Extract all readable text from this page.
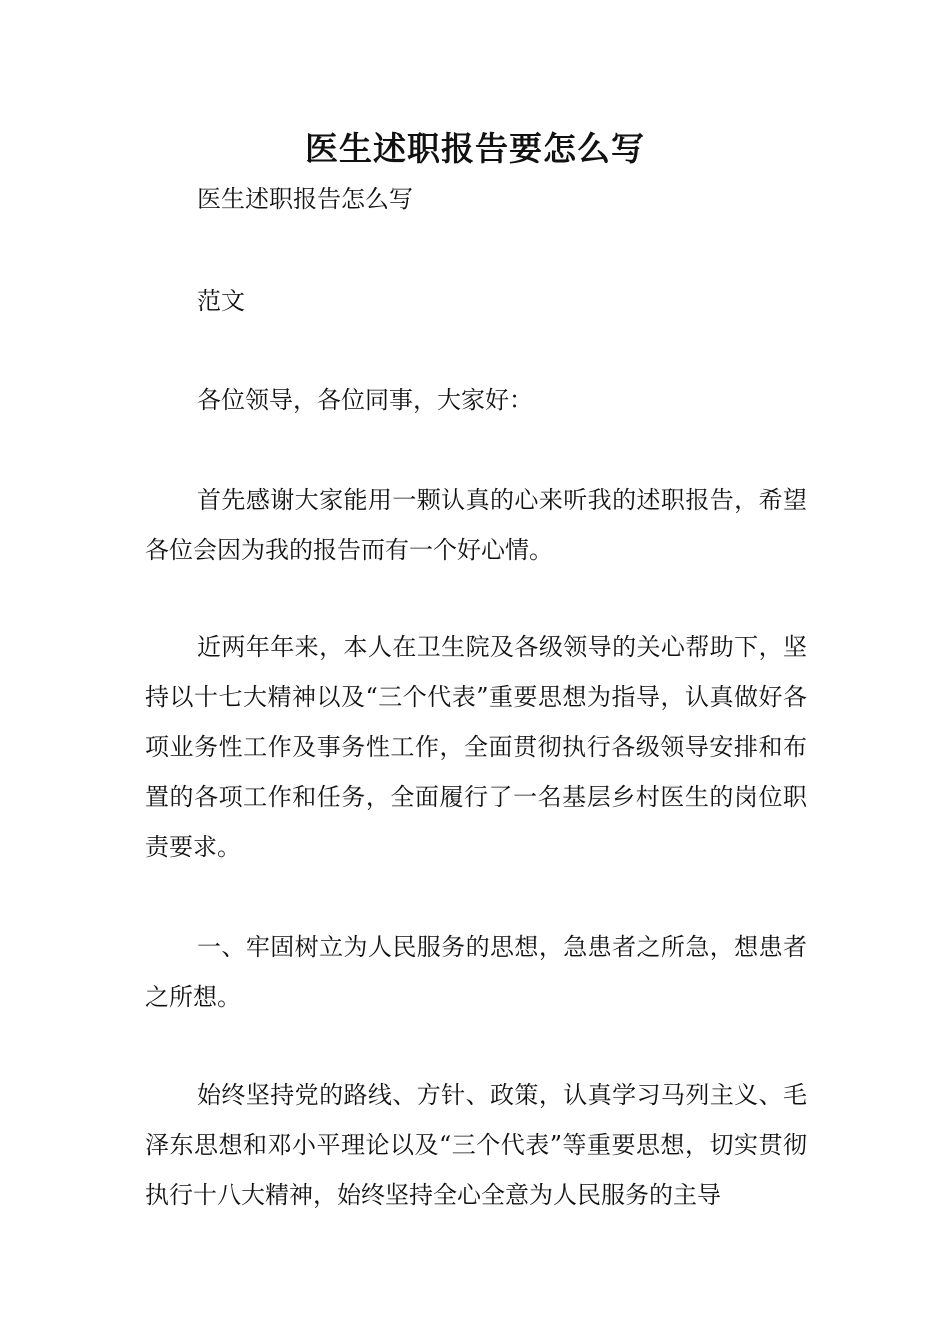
医生述职报告要怎么写

医生述职报告怎么写

范文

各位领导，各位同事，大家好：

首先感谢大家能用一颗认真的心来听我的述职报告，希望各位会因为我的报告而有一个好心情。

近两年年来，本人在卫生院及各级领导的关心帮助下，坚持以十七大精神以及“三个代表”重要思想为指导，认真做好各项业务性工作及事务性工作，全面贯彻执行各级领导安排和布置的各项工作和任务，全面履行了一名基层乡村医生的岗位职责要求。

一、牢固树立为人民服务的思想，急患者之所急，想患者之所想。

始终坚持党的路线、方针、政策，认真学习马列主义、毛泽东思想和邓小平理论以及“三个代表”等重要思想，切实贯彻执行十八大精神，始终坚持全心全意为人民服务的主导
